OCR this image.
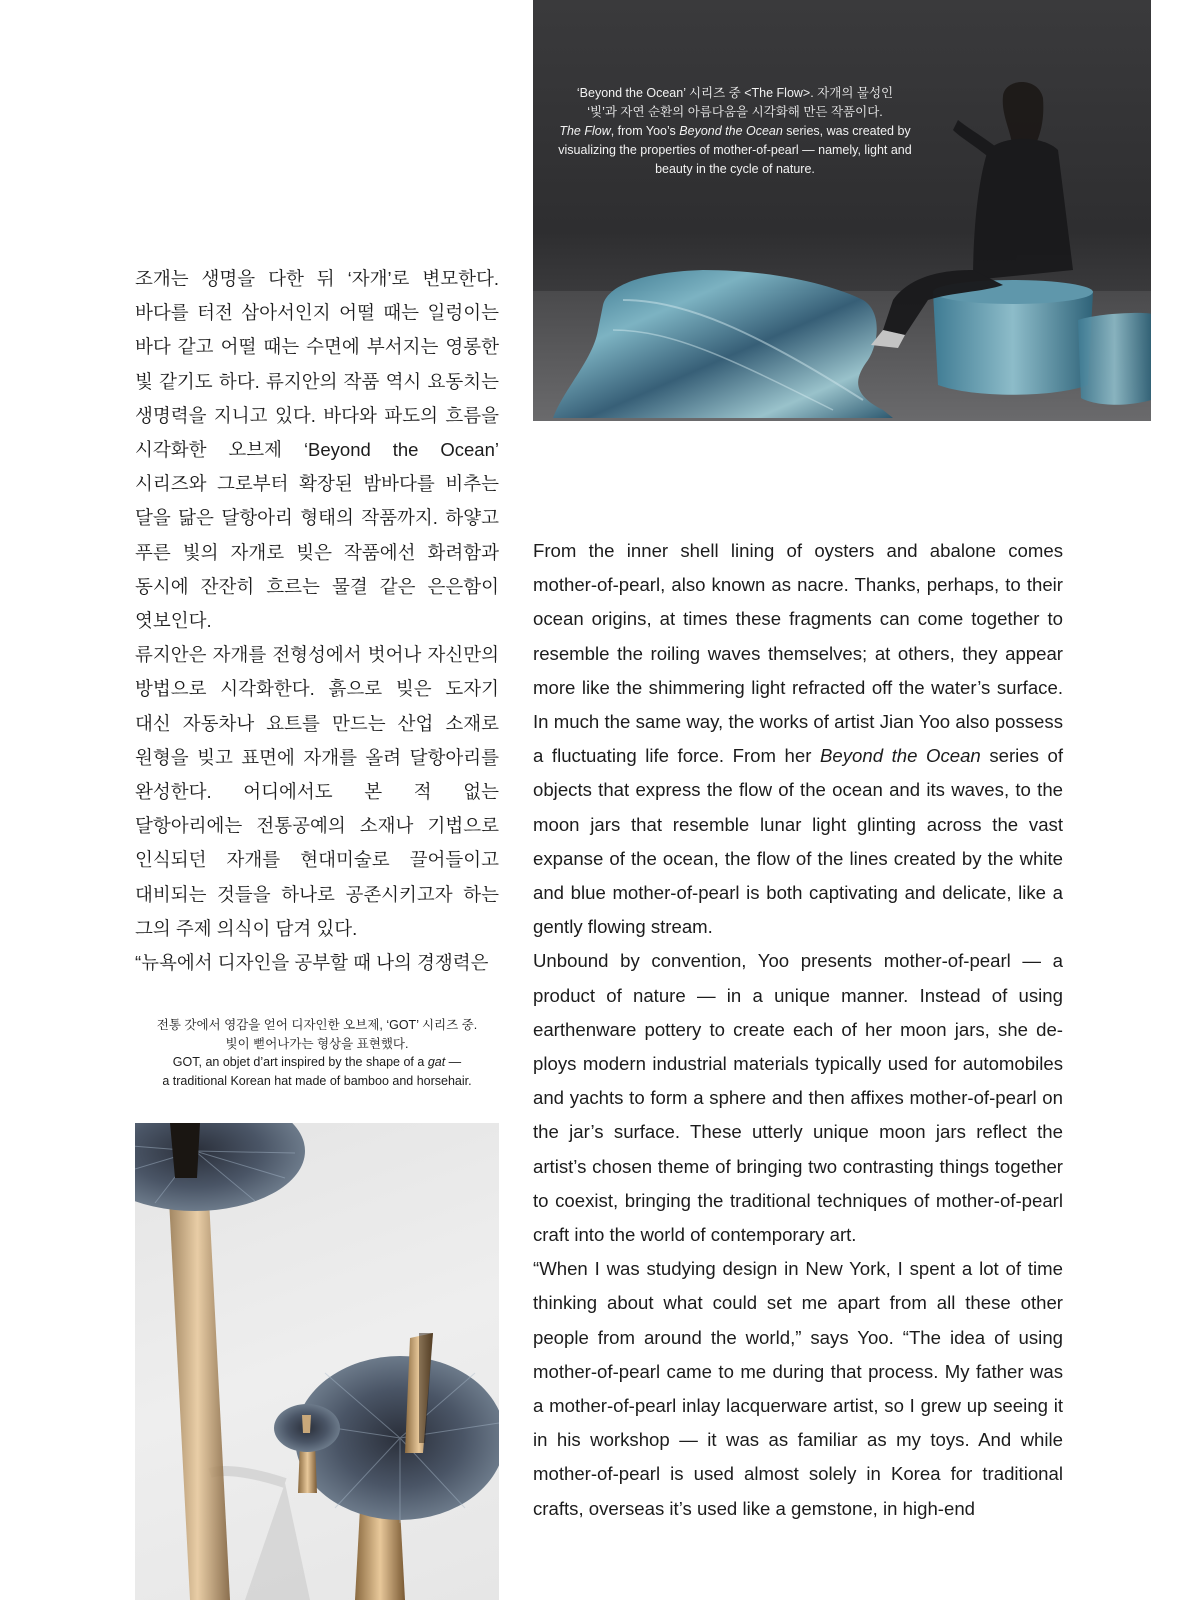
‘Beyond the Ocean’ 시리즈 중 <The Flow>. 자개의 물성인
‘빛’과 자연 순환의 아름다움을 시각화해 만든 작품이다.
The Flow, from Yoo’s Beyond the Ocean series, was created by visualizing the properties of mother-of-pearl — namely, light and beauty in the cycle of nature.

조개는 생명을 다한 뒤 ‘자개’로 변모한다. 바다를 터전 삼아서인지 어떨 때는 일렁이는 바다 같고 어떨 때는 수면에 부서지는 영롱한 빛 같기도 하다. 류지안의 작품 역시 요동치는 생명력을 지니고 있다. 바다와 파도의 흐름을 시각화한 오브제 ‘Beyond the Ocean’ 시리즈와 그로부터 확장된 밤바다를 비추는 달을 닮은 달항아리 형태의 작품까지. 하얗고 푸른 빛의 자개로 빚은 작품에선 화려함과 동시에 잔잔히 흐르는 물결 같은 은은함이 엿보인다.

류지안은 자개를 전형성에서 벗어나 자신만의 방법으로 시각화한다. 흙으로 빚은 도자기 대신 자동차나 요트를 만드는 산업 소재로 원형을 빚고 표면에 자개를 올려 달항아리를 완성한다. 어디에서도 본 적 없는 달항아리에는 전통공예의 소재나 기법으로 인식되던 자개를 현대미술로 끌어들이고 대비되는 것들을 하나로 공존시키고자 하는 그의 주제 의식이 담겨 있다.

“뉴욕에서 디자인을 공부할 때 나의 경쟁력은

전통 갓에서 영감을 얻어 디자인한 오브제, ‘GOT’ 시리즈 중.
빛이 뻗어나가는 형상을 표현했다.
GOT, an objet d’art inspired by the shape of a gat —
a traditional Korean hat made of bamboo and horsehair.

From the inner shell lining of oysters and abalone comes mother-of-pearl, also known as nacre. Thanks, perhaps, to their ocean origins, at times these fragments can come together to resemble the roiling waves themselves; at others, they appear more like the shimmering light refracted off the water’s surface. In much the same way, the works of artist Jian Yoo also possess a fluctuating life force. From her Beyond the Ocean series of objects that express the flow of the ocean and its waves, to the moon jars that resemble lunar light glinting across the vast expanse of the ocean, the flow of the lines created by the white and blue mother-of-pearl is both captivating and delicate, like a gently flowing stream.

Unbound by convention, Yoo presents mother-of-pearl — a product of nature — in a unique manner. Instead of using earthenware pottery to create each of her moon jars, she deploys modern industrial materials typically used for automobiles and yachts to form a sphere and then affixes mother-of-pearl on the jar’s surface. These utterly unique moon jars reflect the artist’s chosen theme of bringing two contrasting things together to coexist, bringing the traditional techniques of mother-of-pearl craft into the world of contemporary art.

“When I was studying design in New York, I spent a lot of time thinking about what could set me apart from all these other people from around the world,” says Yoo. “The idea of using mother-of-pearl came to me during that process. My father was a mother-of-pearl inlay lacquerware artist, so I grew up seeing it in his workshop — it was as familiar as my toys. And while mother-of-pearl is used almost solely in Korea for traditional crafts, overseas it’s used like a gemstone, in high-end
